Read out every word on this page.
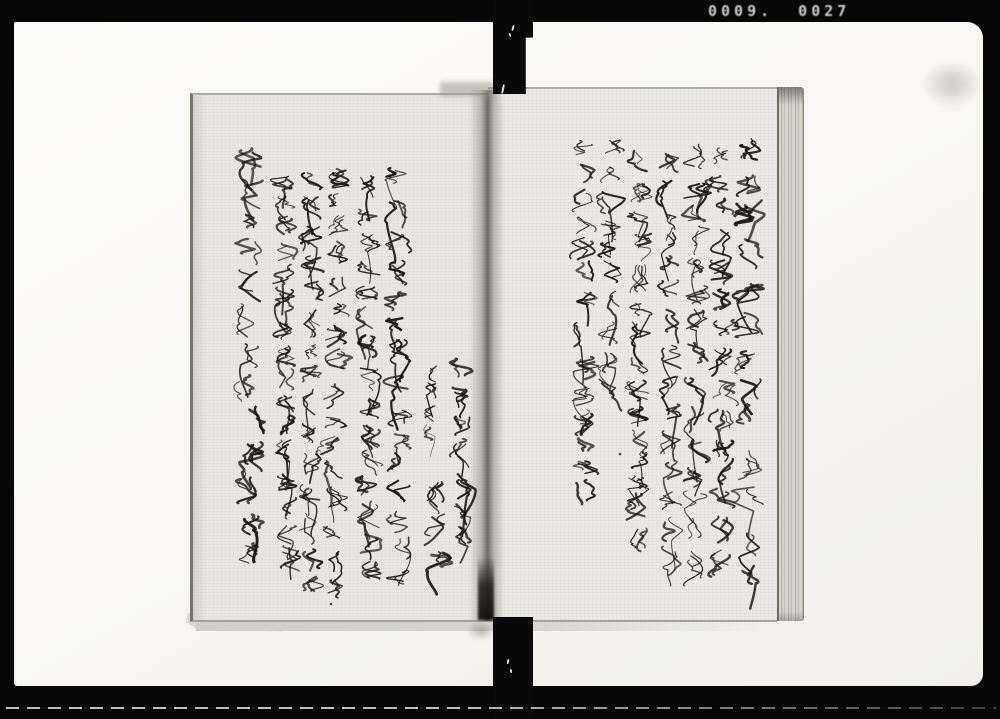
0009. 0027
